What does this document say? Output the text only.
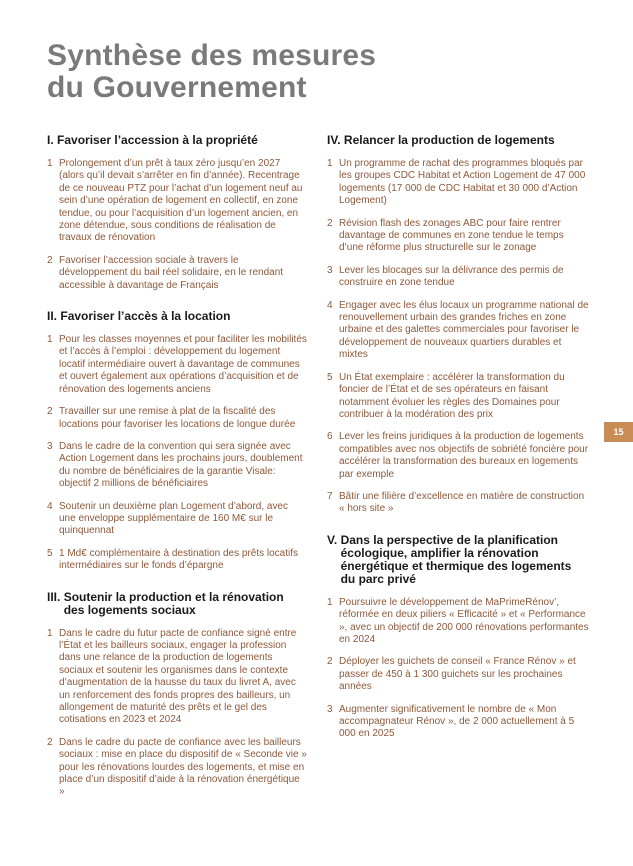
Synthèse des mesures
du Gouvernement
I.
Favoriser l’accession à la propriété
1 Prolongement d’un prêt à taux zéro jusqu’en 2027 (alors qu’il devait s’arrêter en fin d’année). Recentrage de ce nouveau PTZ pour l’achat d’un logement neuf au sein d’une opération de logement en collectif, en zone tendue, ou pour l’acquisition d’un logement ancien, en zone détendue, sous conditions de réalisation de travaux de rénovation
2 Favoriser l’accession sociale à travers le développement du bail réel solidaire, en le rendant accessible à davantage de Français
II.
Favoriser l’accès à la location
1 Pour les classes moyennes et pour faciliter les mobilités et l’accès à l’emploi : développement du logement locatif intermédiaire ouvert à davantage de communes et ouvert également aux opérations d’acquisition et de rénovation des logements anciens
2 Travailler sur une remise à plat de la fiscalité des locations pour favoriser les locations de longue durée
3 Dans le cadre de la convention qui sera signée avec Action Logement dans les prochains jours, doublement du nombre de bénéficiaires de la garantie Visale: objectif 2 millions de bénéficiaires
4 Soutenir un deuxième plan Logement d’abord, avec une enveloppe supplémentaire de 160 M€ sur le quinquennat
5 1 Md€ complémentaire à destination des prêts locatifs intermédiaires sur le fonds d’épargne
III.
Soutenir la production et la rénovation des logements sociaux
1 Dans le cadre du futur pacte de confiance signé entre l’État et les bailleurs sociaux, engager la profession dans une relance de la production de logements sociaux et soutenir les organismes dans le contexte d’augmentation de la hausse du taux du livret A, avec un renforcement des fonds propres des bailleurs, un allongement de maturité des prêts et le gel des cotisations en 2023 et 2024
2 Dans le cadre du pacte de confiance avec les bailleurs sociaux : mise en place du dispositif de « Seconde vie » pour les rénovations lourdes des logements, et mise en place d’un dispositif d’aide à la rénovation énergétique »
IV.
Relancer la production de logements
1 Un programme de rachat des programmes bloqués par les groupes CDC Habitat et Action Logement de 47 000 logements (17 000 de CDC Habitat et 30 000 d’Action Logement)
2 Révision flash des zonages ABC pour faire rentrer davantage de communes en zone tendue le temps d’une réforme plus structurelle sur le zonage
3 Lever les blocages sur la délivrance des permis de construire en zone tendue
4 Engager avec les élus locaux un programme national de renouvellement urbain des grandes friches en zone urbaine et des galettes commerciales pour favoriser le développement de nouveaux quartiers durables et mixtes
5 Un État exemplaire : accélérer la transformation du foncier de l’État et de ses opérateurs en faisant notamment évoluer les règles des Domaines pour contribuer à la modération des prix
6 Lever les freins juridiques à la production de logements compatibles avec nos objectifs de sobriété foncière pour accélérer la transformation des bureaux en logements par exemple
7 Bâtir une filière d’excellence en matière de construction « hors site »
V.
Dans la perspective de la planification écologique, amplifier la rénovation énergétique et thermique des logements du parc privé
1 Poursuivre le développement de MaPrimeRénov’, réformée en deux piliers « Efficacité » et « Performance », avec un objectif de 200 000 rénovations performantes en 2024
2 Déployer les guichets de conseil « France Rénov » et passer de 450 à 1 300 guichets sur les prochaines années
3 Augmenter significativement le nombre de « Mon accompagnateur Rénov », de 2 000 actuellement à 5 000 en 2025
15
